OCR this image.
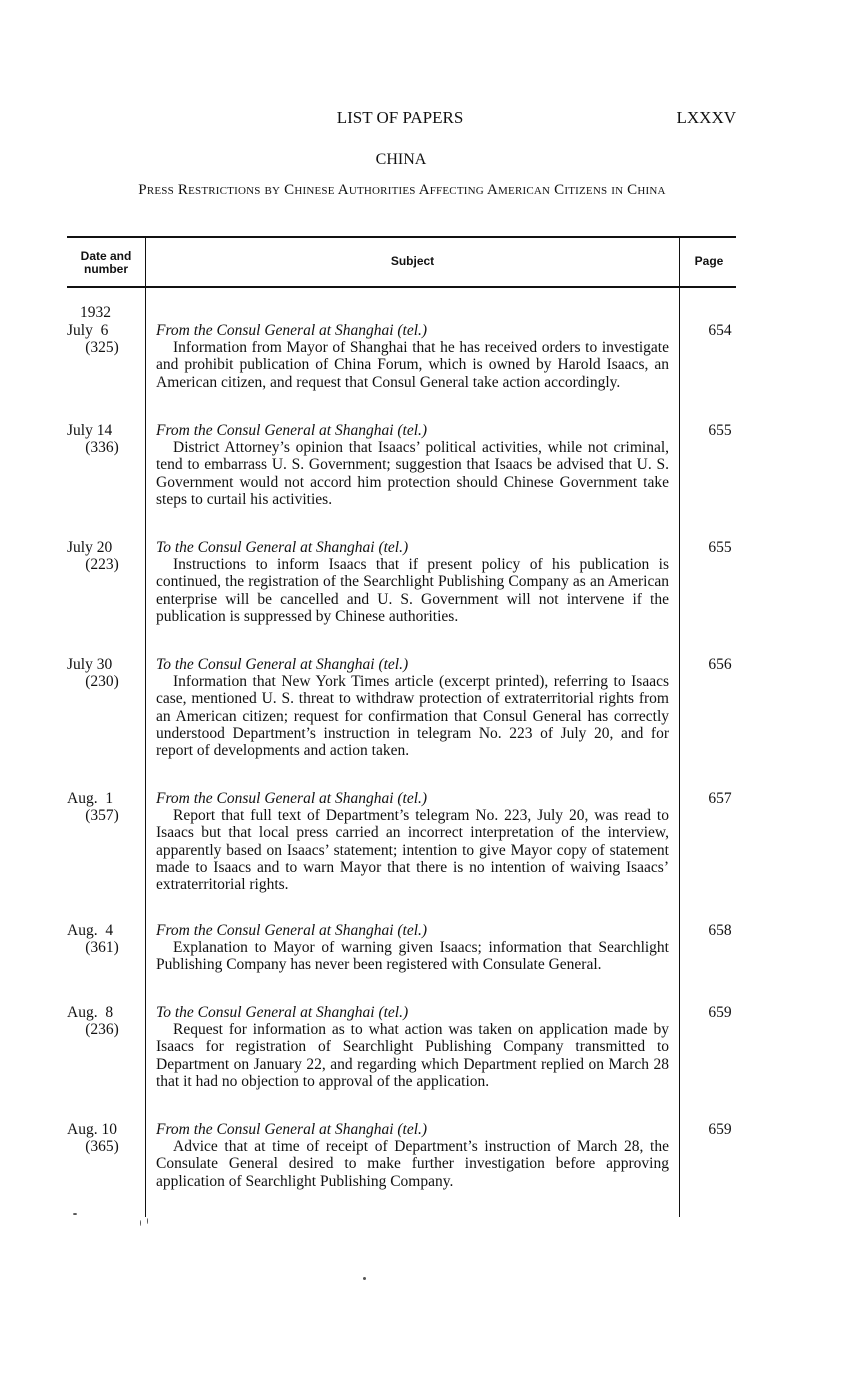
LIST OF PAPERS	LXXXV
CHINA
Press Restrictions by Chinese Authorities Affecting American Citizens in China
Date and number
Subject	Page
1932
July  6
(325)
From the Consul General at Shanghai (tel.)
Information from Mayor of Shanghai that he has received orders to investigate and prohibit publication of China Forum, which is owned by Harold Isaacs, an American citizen, and request that Consul General take action accordingly.
654
July 14
(336)
From the Consul General at Shanghai (tel.)
District Attorney’s opinion that Isaacs’ political activities, while not criminal, tend to embarrass U. S. Government; suggestion that Isaacs be advised that U. S. Government would not accord him protection should Chinese Government take steps to curtail his activities.
655
July 20
(223)
To the Consul General at Shanghai (tel.)
Instructions to inform Isaacs that if present policy of his publication is continued, the registration of the Searchlight Publishing Company as an American enterprise will be cancelled and U. S. Government will not intervene if the publication is suppressed by Chinese authorities.
655
July 30
(230)
To the Consul General at Shanghai (tel.)
Information that New York Times article (excerpt printed), referring to Isaacs case, mentioned U. S. threat to withdraw protection of extraterritorial rights from an American citizen; request for confirmation that Consul General has correctly understood Department’s instruction in telegram No. 223 of July 20, and for report of developments and action taken.
656
Aug.  1
(357)
From the Consul General at Shanghai (tel.)
Report that full text of Department’s telegram No. 223, July 20, was read to Isaacs but that local press carried an incorrect interpretation of the interview, apparently based on Isaacs’ statement; intention to give Mayor copy of statement made to Isaacs and to warn Mayor that there is no intention of waiving Isaacs’ extraterritorial rights.
657
Aug.  4
(361)
From the Consul General at Shanghai (tel.)
Explanation to Mayor of warning given Isaacs; information that Searchlight Publishing Company has never been registered with Consulate General.
658
Aug.  8
(236)
To the Consul General at Shanghai (tel.)
Request for information as to what action was taken on application made by Isaacs for registration of Searchlight Publishing Company transmitted to Department on January 22, and regarding which Department replied on March 28 that it had no objection to approval of the application.
659
Aug. 10
(365)
From the Consul General at Shanghai (tel.)
Advice that at time of receipt of Department’s instruction of March 28, the Consulate General desired to make further investigation before approving application of Searchlight Publishing Company.
659
